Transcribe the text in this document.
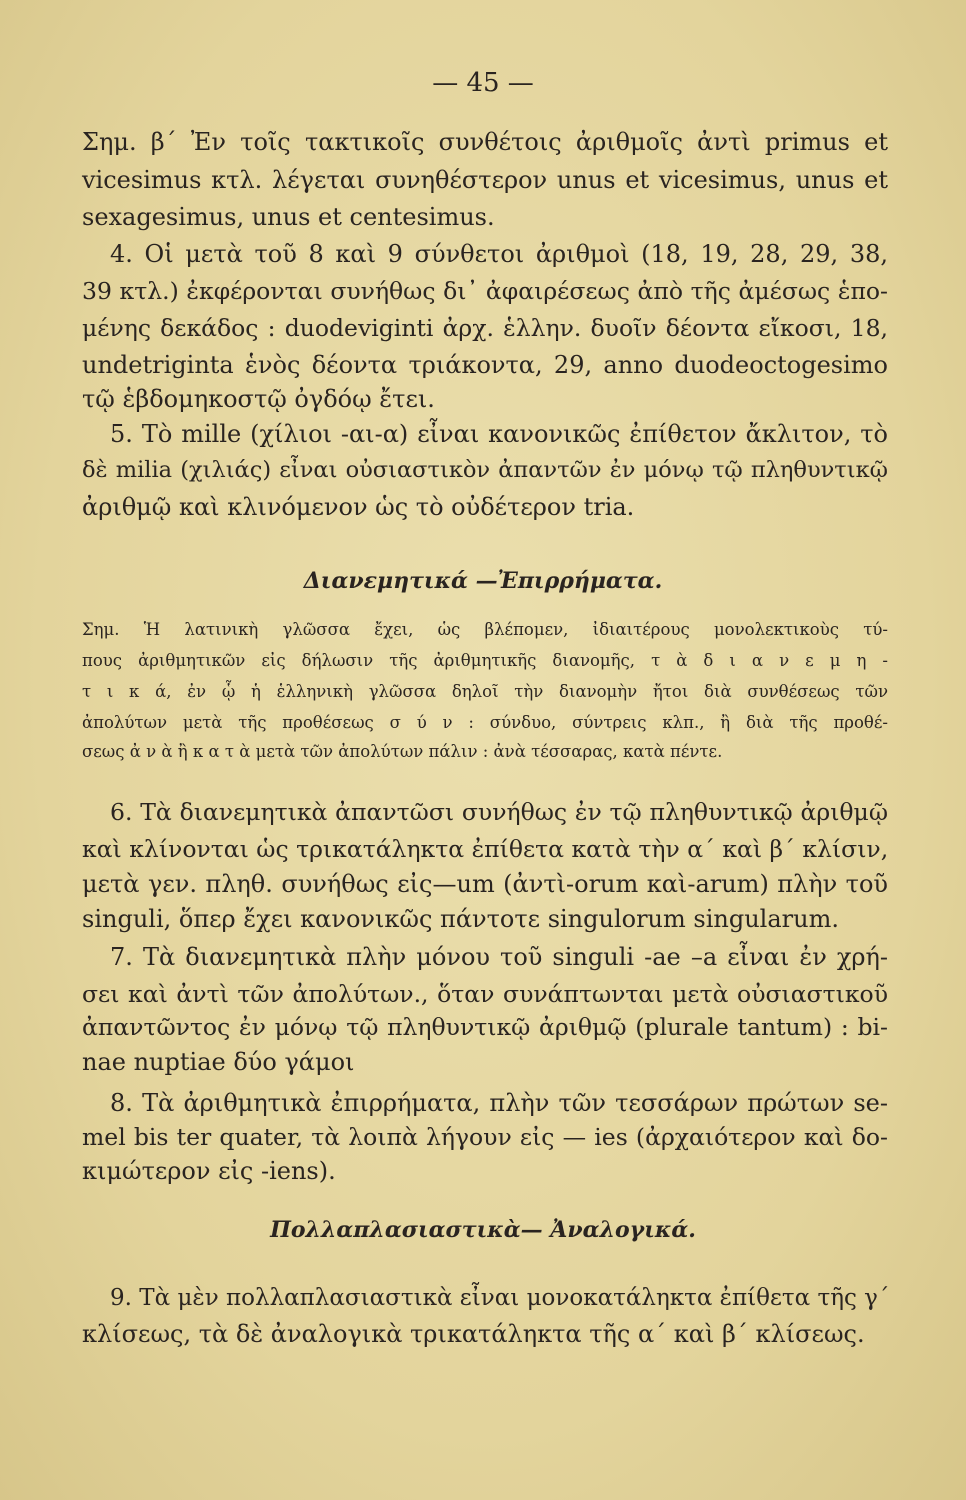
— 45 —
Σημ. β΄ Ἐν τοῖς τακτικοῖς συνθέτοις ἀριθμοῖς ἀντὶ primus et
vicesimus κτλ. λέγεται συνηθέστερον unus et vicesimus, unus et
sexagesimus, unus et centesimus.
4. Οἱ μετὰ τοῦ 8 καὶ 9 σύνθετοι ἀριθμοὶ (18, 19, 28, 29, 38,
39 κτλ.) ἐκφέρονται συνήθως δι᾽ ἀφαιρέσεως ἀπὸ τῆς ἀμέσως ἑπο-
μένης δεκάδος : duodeviginti ἀρχ. ἑλλην. δυοῖν δέοντα εἴκοσι, 18,
undetriginta ἑνὸς δέοντα τριάκοντα, 29, anno duodeoctogesimo
τῷ ἑβδομηκοστῷ ὀγδόῳ ἔτει.
5. Τὸ mille (χίλιοι -αι-α) εἶναι κανονικῶς ἐπίθετον ἄκλιτον, τὸ
δὲ milia (χιλιάς) εἶναι οὐσιαστικὸν ἀπαντῶν ἐν μόνῳ τῷ πληθυντικῷ
ἀριθμῷ καὶ κλινόμενον ὡς τὸ οὐδέτερον tria.
Διανεμητικά —Ἐπιρρήματα.
Σημ. Ἡ λατινικὴ γλῶσσα ἔχει, ὡς βλέπομεν, ἰδιαιτέρους μονολεκτικοὺς τύ-
πους ἀριθμητικῶν εἰς δήλωσιν τῆς ἀριθμητικῆς διανομῆς, τ ὰ δ ι α ν ε μ η -
τ ι κ ά, ἐν ᾧ ἡ ἑλληνικὴ γλῶσσα δηλοῖ τὴν διανομὴν ἤτοι διὰ συνθέσεως τῶν
ἀπολύτων μετὰ τῆς προθέσεως σ ύ ν : σύνδυο, σύντρεις κλπ., ἢ διὰ τῆς προθέ-
σεως ἀ ν ὰ ἢ κ α τ ὰ μετὰ τῶν ἀπολύτων πάλιν : ἀνὰ τέσσαρας, κατὰ πέντε.
6. Τὰ διανεμητικὰ ἀπαντῶσι συνήθως ἐν τῷ πληθυντικῷ ἀριθμῷ
καὶ κλίνονται ὡς τρικατάληκτα ἐπίθετα κατὰ τὴν α΄ καὶ β΄ κλίσιν,
μετὰ γεν. πληθ. συνήθως εἰς—um (ἀντὶ-orum καὶ-arum) πλὴν τοῦ
singuli, ὅπερ ἔχει κανονικῶς πάντοτε singulorum singularum.
7. Τὰ διανεμητικὰ πλὴν μόνου τοῦ singuli -ae –a εἶναι ἐν χρή-
σει καὶ ἀντὶ τῶν ἀπολύτων., ὅταν συνάπτωνται μετὰ οὐσιαστικοῦ
ἀπαντῶντος ἐν μόνῳ τῷ πληθυντικῷ ἀριθμῷ (plurale tantum) : bi-
nae nuptiae δύο γάμοι
8. Τὰ ἀριθμητικὰ ἐπιρρήματα, πλὴν τῶν τεσσάρων πρώτων se-
mel bis ter quater, τὰ λοιπὰ λήγουν εἰς — ies (ἀρχαιότερον καὶ δο-
κιμώτερον εἰς -iens).
Πολλαπλασιαστικὰ— Ἀναλογικά.
9. Τὰ μὲν πολλαπλασιαστικὰ εἶναι μονοκατάληκτα ἐπίθετα τῆς γ΄
κλίσεως, τὰ δὲ ἀναλογικὰ τρικατάληκτα τῆς α΄ καὶ β΄ κλίσεως.
